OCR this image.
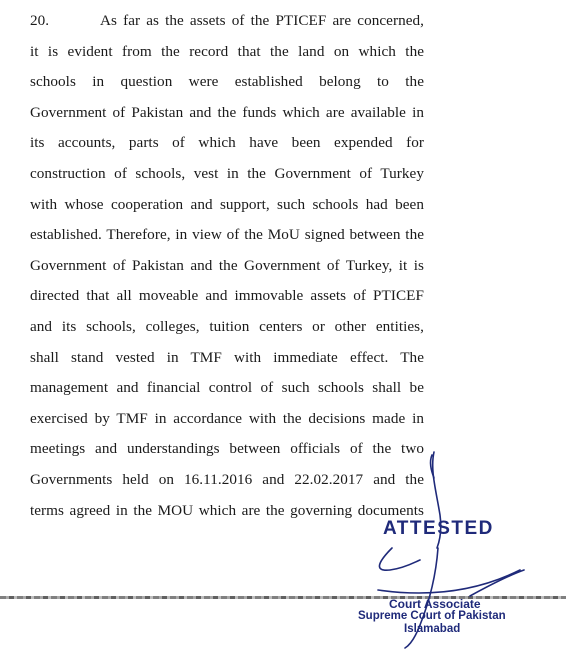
20.	As far as the assets of the PTICEF are concerned,
it is evident from the record that the land on which the
schools in question were established belong to the
Government of Pakistan and the funds which are available in
its accounts, parts of which have been expended for
construction of schools, vest in the Government of Turkey
with whose cooperation and support, such schools had been
established. Therefore, in view of the MoU signed between the
Government of Pakistan and the Government of Turkey, it is
directed that all moveable and immovable assets of PTICEF
and its schools, colleges, tuition centers or other entities,
shall stand vested in TMF with immediate effect. The
management and financial control of such schools shall be
exercised by TMF in accordance with the decisions made in
meetings and understandings between officials of the two
Governments held on 16.11.2016 and 22.02.2017 and the
terms agreed in the MOU which are the governing documents
ATTESTED
Court Associate
Supreme Court of Pakistan
Islamabad
